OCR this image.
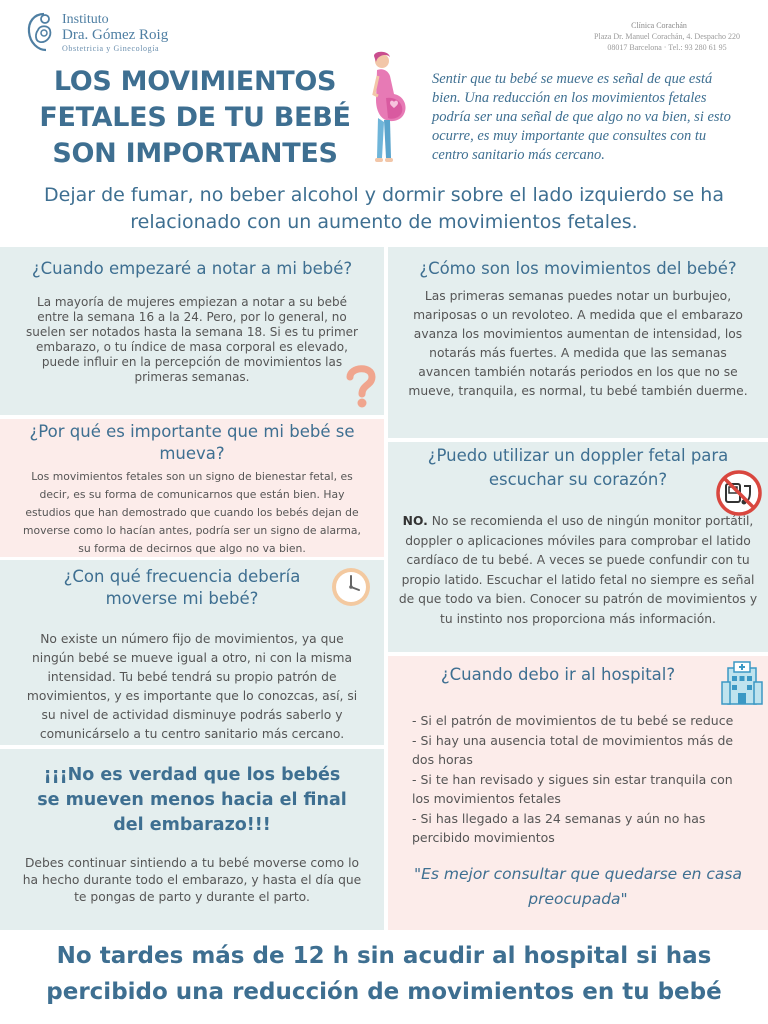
Instituto
Dra. Gómez Roig
Obstetricia y Ginecología
Clínica Corachán
Plaza Dr. Manuel Corachán, 4. Despacho 220
08017 Barcelona · Tel.: 93 280 61 95
LOS MOVIMIENTOS
FETALES DE TU BEBÉ
SON IMPORTANTES
Sentir que tu bebé se mueve es señal de que está bien. Una reducción en los movimientos fetales podría ser una señal de que algo no va bien, si esto ocurre, es muy importante que consultes con tu centro sanitario más cercano.
Dejar de fumar, no beber alcohol y dormir sobre el lado izquierdo se ha relacionado con un aumento de movimientos fetales.
¿Cuando empezaré a notar a mi bebé?

La mayoría de mujeres empiezan a notar a su bebé entre la semana 16 a la 24. Pero, por lo general, no suelen ser notados hasta la semana 18. Si es tu primer embarazo, o tu índice de masa corporal es elevado, puede influir en la percepción de movimientos las primeras semanas.

¿Cómo son los movimientos del bebé?

Las primeras semanas puedes notar un burbujeo, mariposas o un revoloteo. A medida que el embarazo avanza los movimientos aumentan de intensidad, los notarás más fuertes. A medida que las semanas avancen también notarás periodos en los que no se mueve, tranquila, es normal, tu bebé también duerme.

¿Por qué es importante que mi bebé se mueva?

Los movimientos fetales son un signo de bienestar fetal, es decir, es su forma de comunicarnos que están bien. Hay estudios que han demostrado que cuando los bebés dejan de moverse como lo hacían antes, podría ser un signo de alarma, su forma de decirnos que algo no va bien.

¿Puedo utilizar un doppler fetal para escuchar su corazón?

NO. No se recomienda el uso de ningún monitor portátil, doppler o aplicaciones móviles para comprobar el latido cardíaco de tu bebé. A veces se puede confundir con tu propio latido. Escuchar el latido fetal no siempre es señal de que todo va bien. Conocer su patrón de movimientos y tu instinto nos proporciona más información.

¿Con qué frecuencia debería moverse mi bebé?

No existe un número fijo de movimientos, ya que ningún bebé se mueve igual a otro, ni con la misma intensidad. Tu bebé tendrá su propio patrón de movimientos, y es importante que lo conozcas, así, si su nivel de actividad disminuye podrás saberlo y comunicárselo a tu centro sanitario más cercano.

¿Cuando debo ir al hospital?
- Si el patrón de movimientos de tu bebé se reduce
- Si hay una ausencia total de movimientos más de dos horas
- Si te han revisado y sigues sin estar tranquila con los movimientos fetales
- Si has llegado a las 24 semanas y aún no has percibido movimientos
"Es mejor consultar que quedarse en casa preocupada"
¡¡¡No es verdad que los bebés se mueven menos hacia el final del embarazo!!!

Debes continuar sintiendo a tu bebé moverse como lo ha hecho durante todo el embarazo, y hasta el día que te pongas de parto y durante el parto.

No tardes más de 12 h sin acudir al hospital si has percibido una reducción de movimientos en tu bebé
